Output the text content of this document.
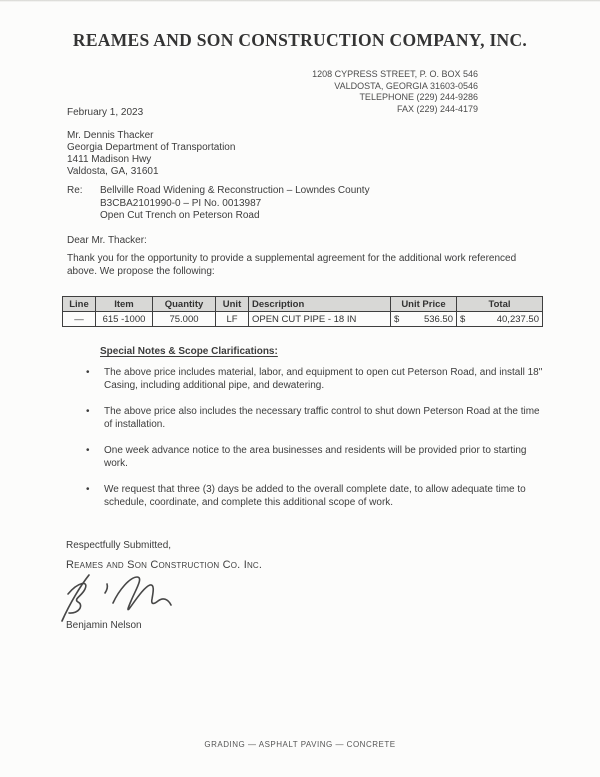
REAMES AND SON CONSTRUCTION COMPANY, INC.
1208 CYPRESS STREET, P. O. BOX 546
VALDOSTA, GEORGIA 31603-0546
TELEPHONE (229) 244-9286
FAX (229) 244-4179
February 1, 2023
Mr. Dennis Thacker
Georgia Department of Transportation
1411 Madison Hwy
Valdosta, GA, 31601
Re:	Bellville Road Widening & Reconstruction – Lowndes County
B3CBA2101990-0 – PI No. 0013987
Open Cut Trench on Peterson Road
Dear Mr. Thacker:
Thank you for the opportunity to provide a supplemental agreement for the additional work referenced above. We propose the following:
Line	Item	Quantity	Unit	Description	Unit Price	Total
—	615 -1000	75.000	LF	OPEN CUT PIPE - 18 IN	$ 536.50	$ 40,237.50
Special Notes & Scope Clarifications:
•	The above price includes material, labor, and equipment to open cut Peterson Road, and install 18" Casing, including additional pipe, and dewatering.
•	The above price also includes the necessary traffic control to shut down Peterson Road at the time of installation.
•	One week advance notice to the area businesses and residents will be provided prior to starting work.
•	We request that three (3) days be added to the overall complete date, to allow adequate time to schedule, coordinate, and complete this additional scope of work.
Respectfully Submitted,
Reames and Son Construction Co. Inc.
Benjamin Nelson
GRADING — ASPHALT PAVING — CONCRETE
